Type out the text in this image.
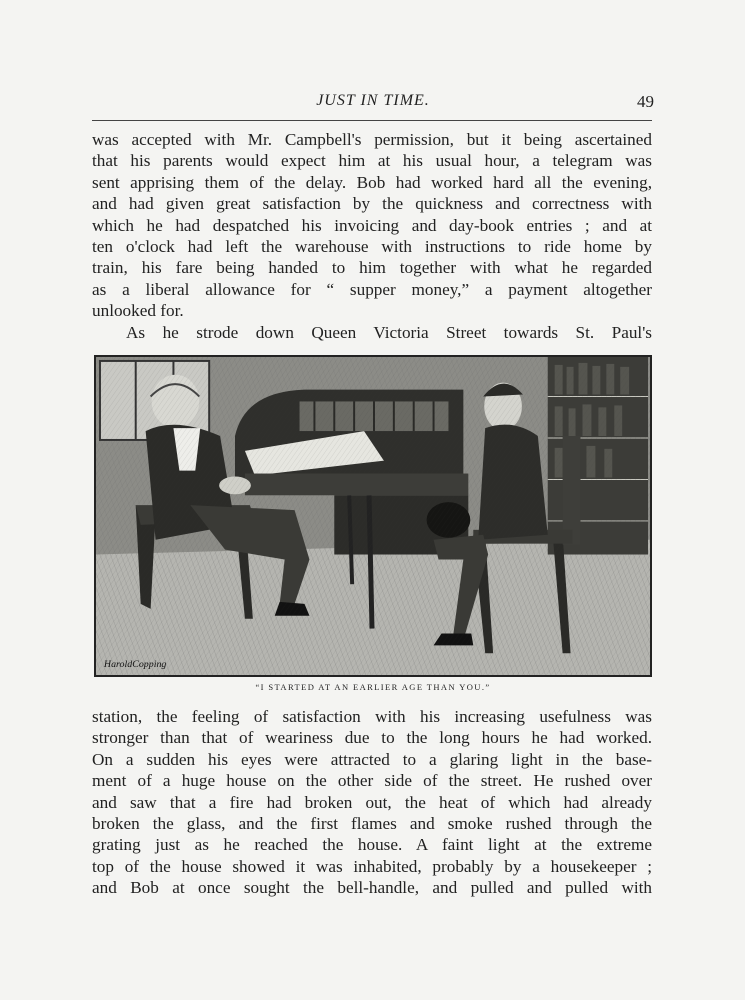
JUST IN TIME.	49

was accepted with Mr. Campbell's permission, but it being ascertained
that his parents would expect him at his usual hour, a telegram was
sent apprising them of the delay. Bob had worked hard all the evening,
and had given great satisfaction by the quickness and correctness with
which he had despatched his invoicing and day-book entries ; and at
ten o'clock had left the warehouse with instructions to ride home by
train, his fare being handed to him together with what he regarded
as a liberal allowance for “ supper money,” a payment altogether
unlooked for.

As he strode down Queen Victoria Street towards St. Paul's

HaroldCopping
“I STARTED AT AN EARLIER AGE THAN YOU.”

station, the feeling of satisfaction with his increasing usefulness was
stronger than that of weariness due to the long hours he had worked.
On a sudden his eyes were attracted to a glaring light in the base-
ment of a huge house on the other side of the street. He rushed over
and saw that a fire had broken out, the heat of which had already
broken the glass, and the first flames and smoke rushed through the
grating just as he reached the house. A faint light at the extreme
top of the house showed it was inhabited, probably by a housekeeper ;
and Bob at once sought the bell-handle, and pulled and pulled with
